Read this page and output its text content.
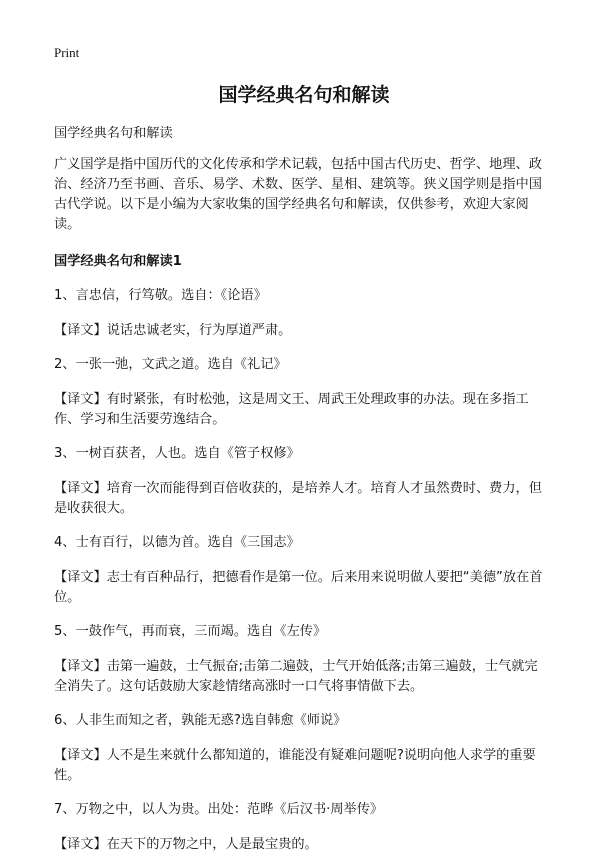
Print
国学经典名句和解读

国学经典名句和解读

广义国学是指中国历代的文化传承和学术记载，包括中国古代历史、哲学、地理、政治、经济乃至书画、音乐、易学、术数、医学、星相、建筑等。狭义国学则是指中国古代学说。以下是小编为大家收集的国学经典名句和解读，仅供参考，欢迎大家阅读。

国学经典名句和解读1

1、言忠信，行笃敬。选自：《论语》

【译文】说话忠诚老实，行为厚道严肃。

2、一张一弛，文武之道。选自《礼记》

【译文】有时紧张，有时松弛，这是周文王、周武王处理政事的办法。现在多指工作、学习和生活要劳逸结合。

3、一树百获者，人也。选自《管子权修》

【译文】培育一次而能得到百倍收获的，是培养人才。培育人才虽然费时、费力，但是收获很大。

4、士有百行，以德为首。选自《三国志》

【译文】志士有百种品行，把德看作是第一位。后来用来说明做人要把“美德”放在首位。

5、一鼓作气，再而衰，三而竭。选自《左传》

【译文】击第一遍鼓，士气振奋;击第二遍鼓，士气开始低落;击第三遍鼓，士气就完全消失了。这句话鼓励大家趁情绪高涨时一口气将事情做下去。

6、人非生而知之者，孰能无惑?选自韩愈《师说》

【译文】人不是生来就什么都知道的，谁能没有疑难问题呢?说明向他人求学的重要性。

7、万物之中，以人为贵。出处：范晔《后汉书·周举传》

【译文】在天下的万物之中，人是最宝贵的。
